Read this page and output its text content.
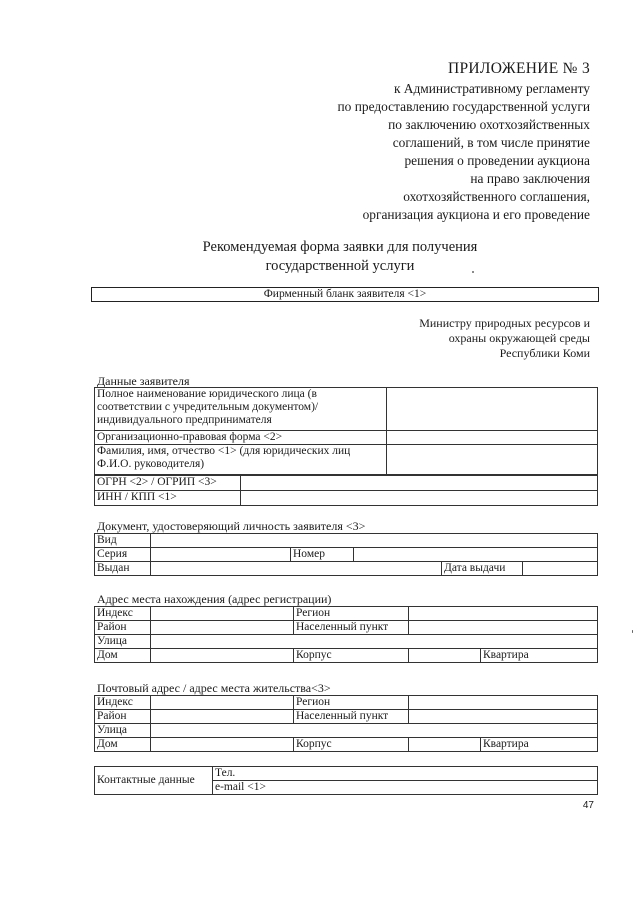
ПРИЛОЖЕНИЕ № 3
к Административному регламенту
по предоставлению государственной услуги
по заключению охотхозяйственных
соглашений, в том числе принятие
решения о проведении аукциона
на право заключения
охотхозяйственного соглашения,
организация аукциона и его проведение
Рекомендуемая форма заявки для получения
государственной услуги
Фирменный бланк заявителя <1>
Министру природных ресурсов и
охраны окружающей среды
Республики Коми
Данные заявителя
Полное наименование юридического лица (в соответствии с учредительным документом)/индивидуального предпринимателя	
Организационно-правовая форма <2>	
Фамилия, имя, отчество <1> (для юридических лиц Ф.И.О. руководителя)	
ОГРН <2> / ОГРИП <3>	
ИНН / КПП <1>	
Документ, удостоверяющий личность заявителя <3>
Вид					
Серия		Номер			
Выдан				Дата выдачи	
Адрес места нахождения (адрес регистрации)
Индекс		Регион		
Район		Населенный пункт		
Улица				
Дом		Корпус		Квартира
Почтовый адрес / адрес места жительства<3>
Индекс		Регион		
Район		Населенный пункт		
Улица				
Дом		Корпус		Квартира
Контактные данные	Тел.
e-mail <1>
47
